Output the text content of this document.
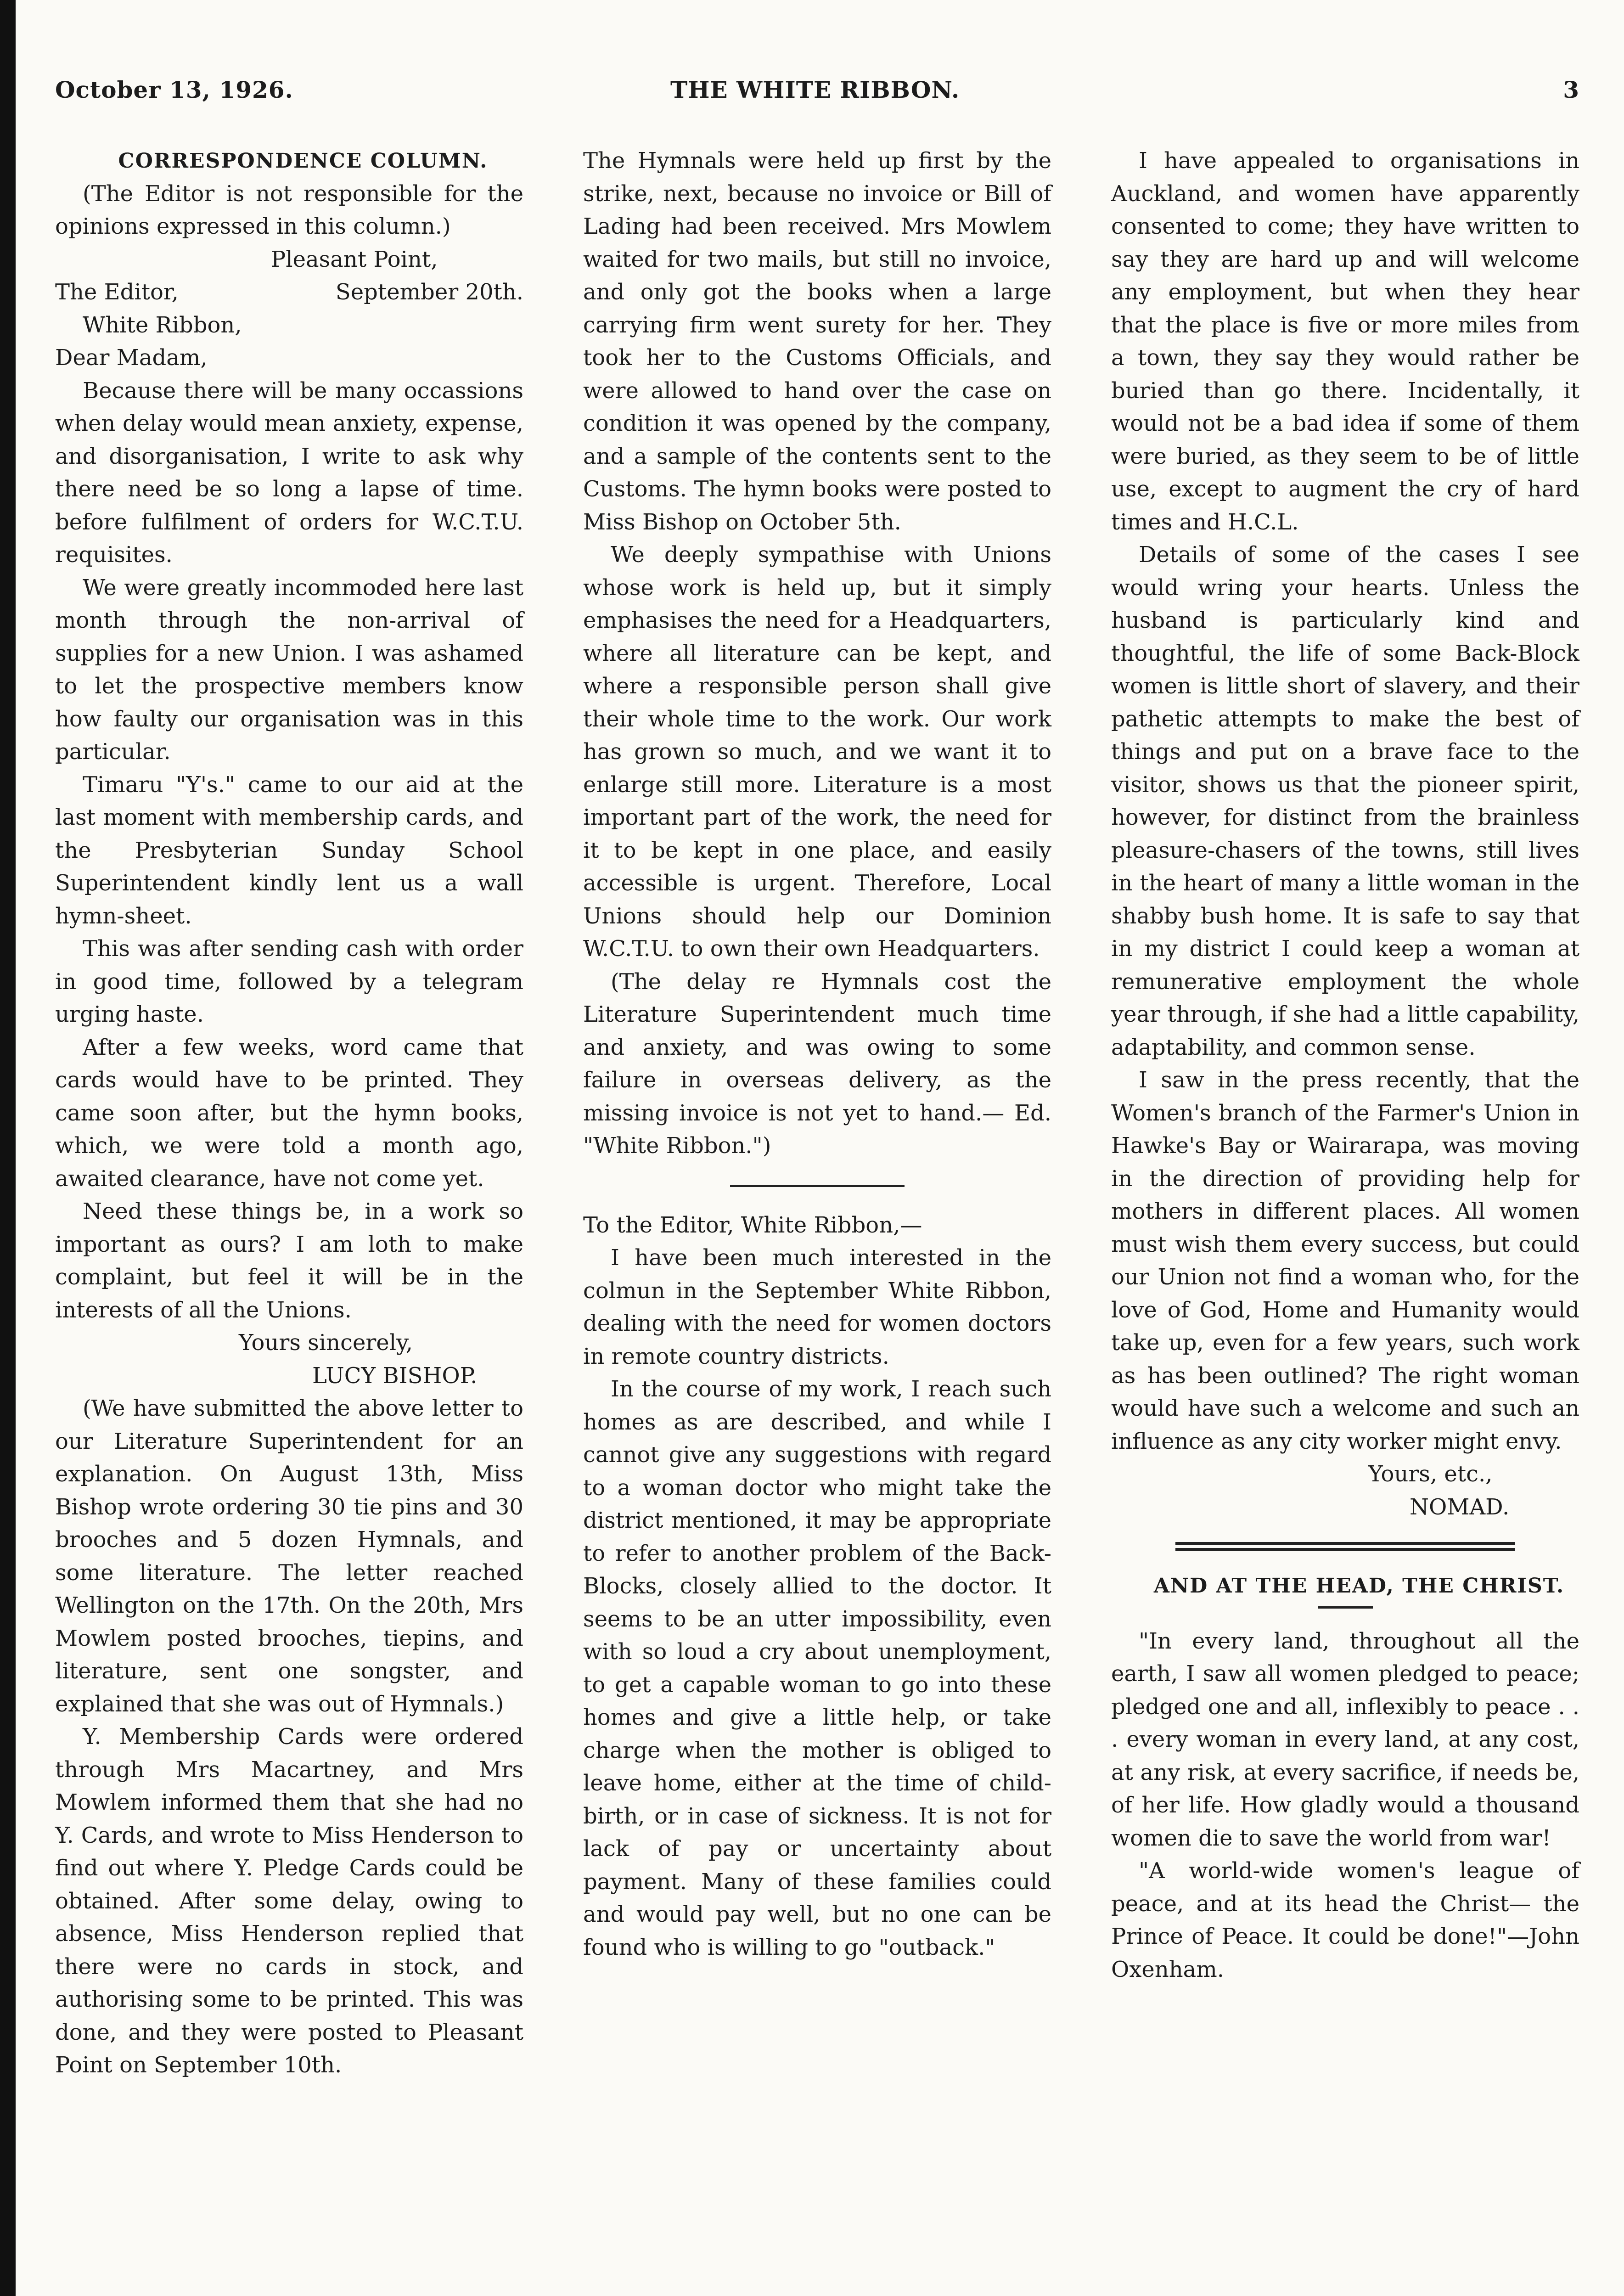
October 13, 1926.	THE WHITE RIBBON.	3

CORRESPONDENCE COLUMN.

(The Editor is not responsible for the opinions expressed in this column.)

Pleasant Point,

The Editor,	September 20th.

White Ribbon,

Dear Madam,

Because there will be many occassions when delay would mean anxiety, expense, and disorganisation, I write to ask why there need be so long a lapse of time. before fulfilment of orders for W.C.T.U. requisites.

We were greatly incommoded here last month through the non-arrival of supplies for a new Union. I was ashamed to let the prospective members know how faulty our organisation was in this particular.

Timaru "Y's." came to our aid at the last moment with membership cards, and the Presbyterian Sunday School Superintendent kindly lent us a wall hymn-sheet.

This was after sending cash with order in good time, followed by a telegram urging haste.

After a few weeks, word came that cards would have to be printed. They came soon after, but the hymn books, which, we were told a month ago, awaited clearance, have not come yet.

Need these things be, in a work so important as ours? I am loth to make complaint, but feel it will be in the interests of all the Unions.

Yours sincerely,

LUCY BISHOP.

(We have submitted the above letter to our Literature Superintendent for an explanation. On August 13th, Miss Bishop wrote ordering 30 tie pins and 30 brooches and 5 dozen Hymnals, and some literature. The letter reached Wellington on the 17th. On the 20th, Mrs Mowlem posted brooches, tiepins, and literature, sent one songster, and explained that she was out of Hymnals.)

Y. Membership Cards were ordered through Mrs Macartney, and Mrs Mowlem informed them that she had no Y. Cards, and wrote to Miss Henderson to find out where Y. Pledge Cards could be obtained. After some delay, owing to absence, Miss Henderson replied that there were no cards in stock, and authorising some to be printed. This was done, and they were posted to Pleasant Point on September 10th.

The Hymnals were held up first by the strike, next, because no invoice or Bill of Lading had been received. Mrs Mowlem waited for two mails, but still no invoice, and only got the books when a large carrying firm went surety for her. They took her to the Customs Officials, and were allowed to hand over the case on condition it was opened by the company, and a sample of the contents sent to the Customs. The hymn books were posted to Miss Bishop on October 5th.

We deeply sympathise with Unions whose work is held up, but it simply emphasises the need for a Headquarters, where all literature can be kept, and where a responsible person shall give their whole time to the work. Our work has grown so much, and we want it to enlarge still more. Literature is a most important part of the work, the need for it to be kept in one place, and easily accessible is urgent. Therefore, Local Unions should help our Dominion W.C.T.U. to own their own Headquarters.

(The delay re Hymnals cost the Literature Superintendent much time and anxiety, and was owing to some failure in overseas delivery, as the missing invoice is not yet to hand.— Ed. "White Ribbon.")

To the Editor, White Ribbon,—

I have been much interested in the colmun in the September White Ribbon, dealing with the need for women doctors in remote country districts.

In the course of my work, I reach such homes as are described, and while I cannot give any suggestions with regard to a woman doctor who might take the district mentioned, it may be appropriate to refer to another problem of the Back-Blocks, closely allied to the doctor. It seems to be an utter impossibility, even with so loud a cry about unemployment, to get a capable woman to go into these homes and give a little help, or take charge when the mother is obliged to leave home, either at the time of child-birth, or in case of sickness. It is not for lack of pay or uncertainty about payment. Many of these families could and would pay well, but no one can be found who is willing to go "outback."

I have appealed to organisations in Auckland, and women have apparently consented to come; they have written to say they are hard up and will welcome any employment, but when they hear that the place is five or more miles from a town, they say they would rather be buried than go there. Incidentally, it would not be a bad idea if some of them were buried, as they seem to be of little use, except to augment the cry of hard times and H.C.L.

Details of some of the cases I see would wring your hearts. Unless the husband is particularly kind and thoughtful, the life of some Back-Block women is little short of slavery, and their pathetic attempts to make the best of things and put on a brave face to the visitor, shows us that the pioneer spirit, however, for distinct from the brainless pleasure-chasers of the towns, still lives in the heart of many a little woman in the shabby bush home. It is safe to say that in my district I could keep a woman at remunerative employment the whole year through, if she had a little capability, adaptability, and common sense.

I saw in the press recently, that the Women's branch of the Farmer's Union in Hawke's Bay or Wairarapa, was moving in the direction of providing help for mothers in different places. All women must wish them every success, but could our Union not find a woman who, for the love of God, Home and Humanity would take up, even for a few years, such work as has been outlined? The right woman would have such a welcome and such an influence as any city worker might envy.

Yours, etc.,

NOMAD.

AND AT THE HEAD, THE CHRIST.

"In every land, throughout all the earth, I saw all women pledged to peace; pledged one and all, inflexibly to peace . . . every woman in every land, at any cost, at any risk, at every sacrifice, if needs be, of her life. How gladly would a thousand women die to save the world from war!

"A world-wide women's league of peace, and at its head the Christ— the Prince of Peace. It could be done!"—John Oxenham.
